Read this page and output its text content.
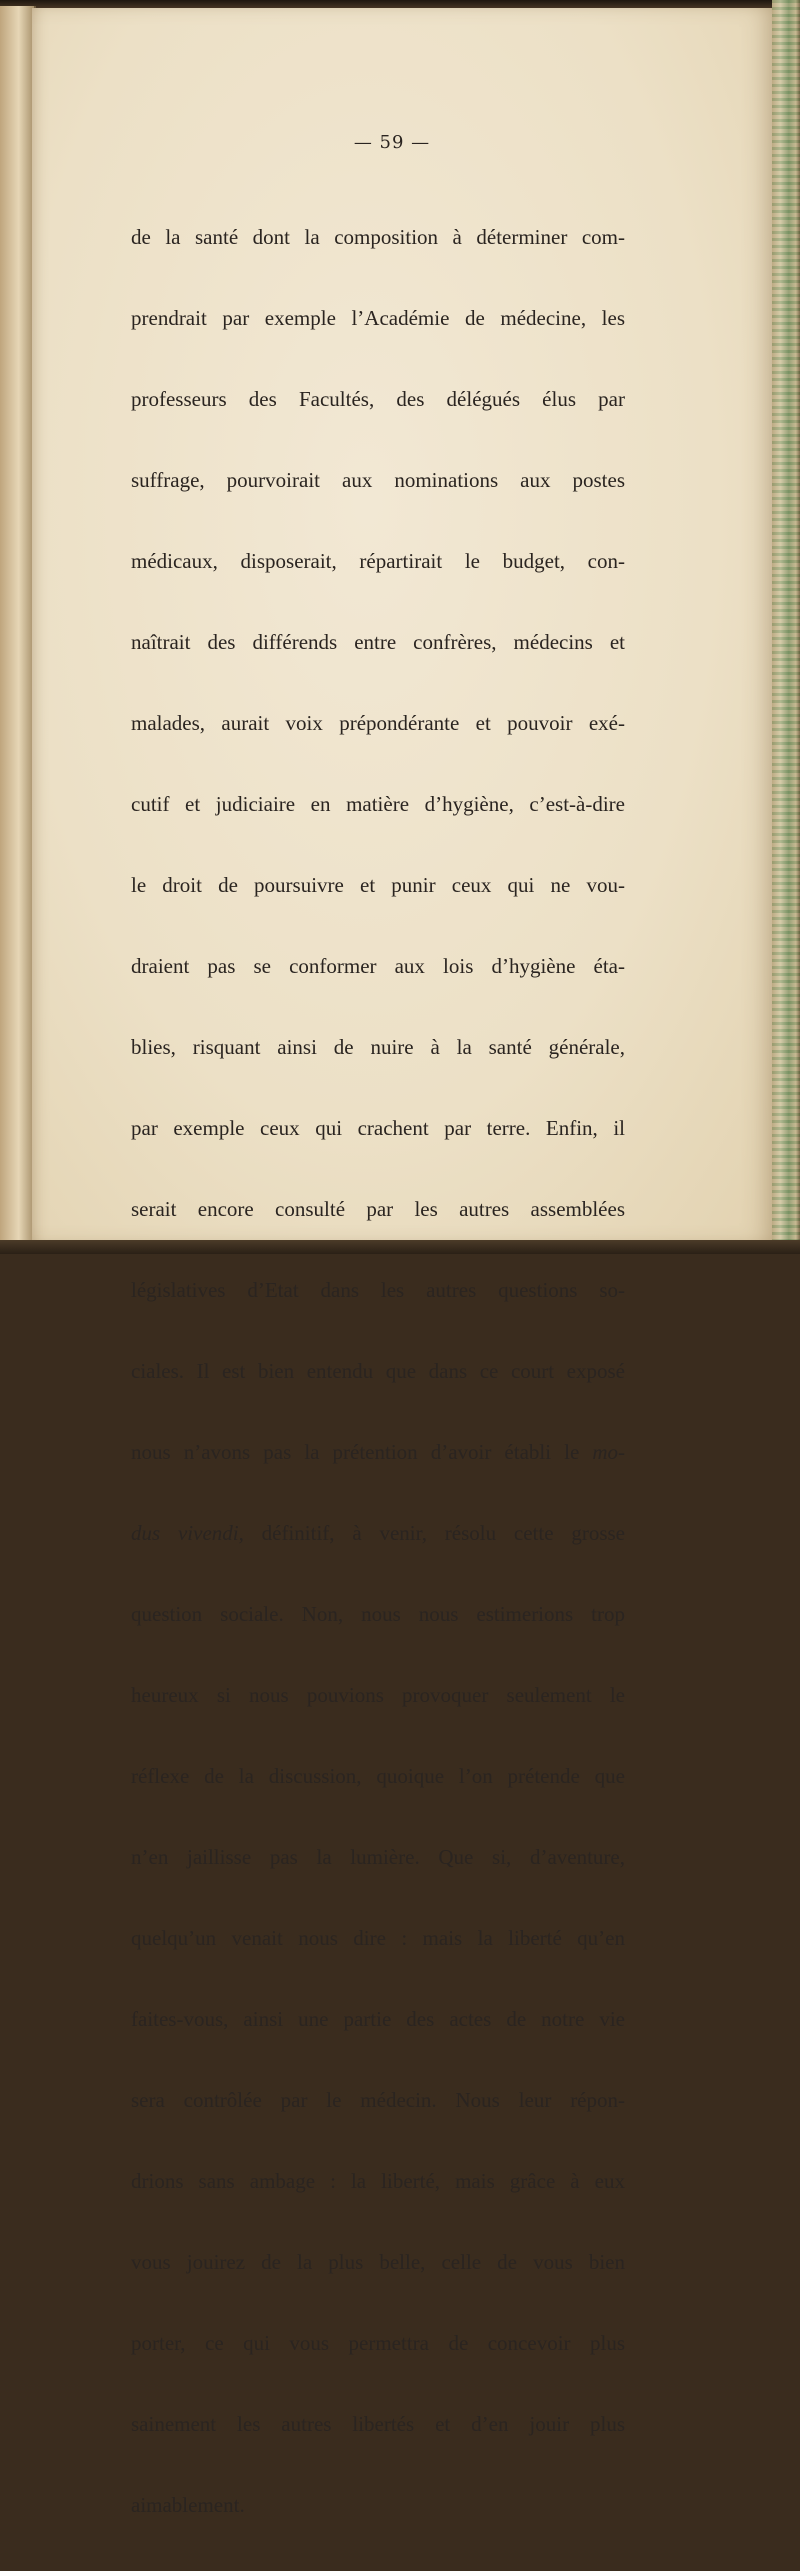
— 59 —

de la santé dont la composition à déterminer com-

prendrait par exemple l’Académie de médecine, les

professeurs des Facultés, des délégués élus par

suffrage, pourvoirait aux nominations aux postes

médicaux, disposerait, répartirait le budget, con-

naîtrait des différends entre confrères, médecins et

malades, aurait voix prépondérante et pouvoir exé-

cutif et judiciaire en matière d’hygiène, c’est-à-dire

le droit de poursuivre et punir ceux qui ne vou-

draient pas se conformer aux lois d’hygiène éta-

blies, risquant ainsi de nuire à la santé générale,

par exemple ceux qui crachent par terre. Enfin, il

serait encore consulté par les autres assemblées

législatives d’Etat dans les autres questions so-

ciales. Il est bien entendu que dans ce court exposé

nous n’avons pas la prétention d’avoir établi le mo-

dus vivendi, définitif, à venir, résolu cette grosse

question sociale. Non, nous nous estimerions trop

heureux si nous pouvions provoquer seulement le

réflexe de la discussion, quoique l’on prétende que

n’en jaillisse pas la lumière. Que si, d’aventure,

quelqu’un venait nous dire : mais la liberté qu’en

faites-vous, ainsi une partie des actes de notre vie

sera contrôlée par le médecin. Nous leur répon-

drions sans ambage : la liberté, mais grâce à eux

vous jouirez de la plus belle, celle de vous bien

porter, ce qui vous permettra de concevoir plus

sainement les autres libertés et d’en jouir plus

aimablement.
